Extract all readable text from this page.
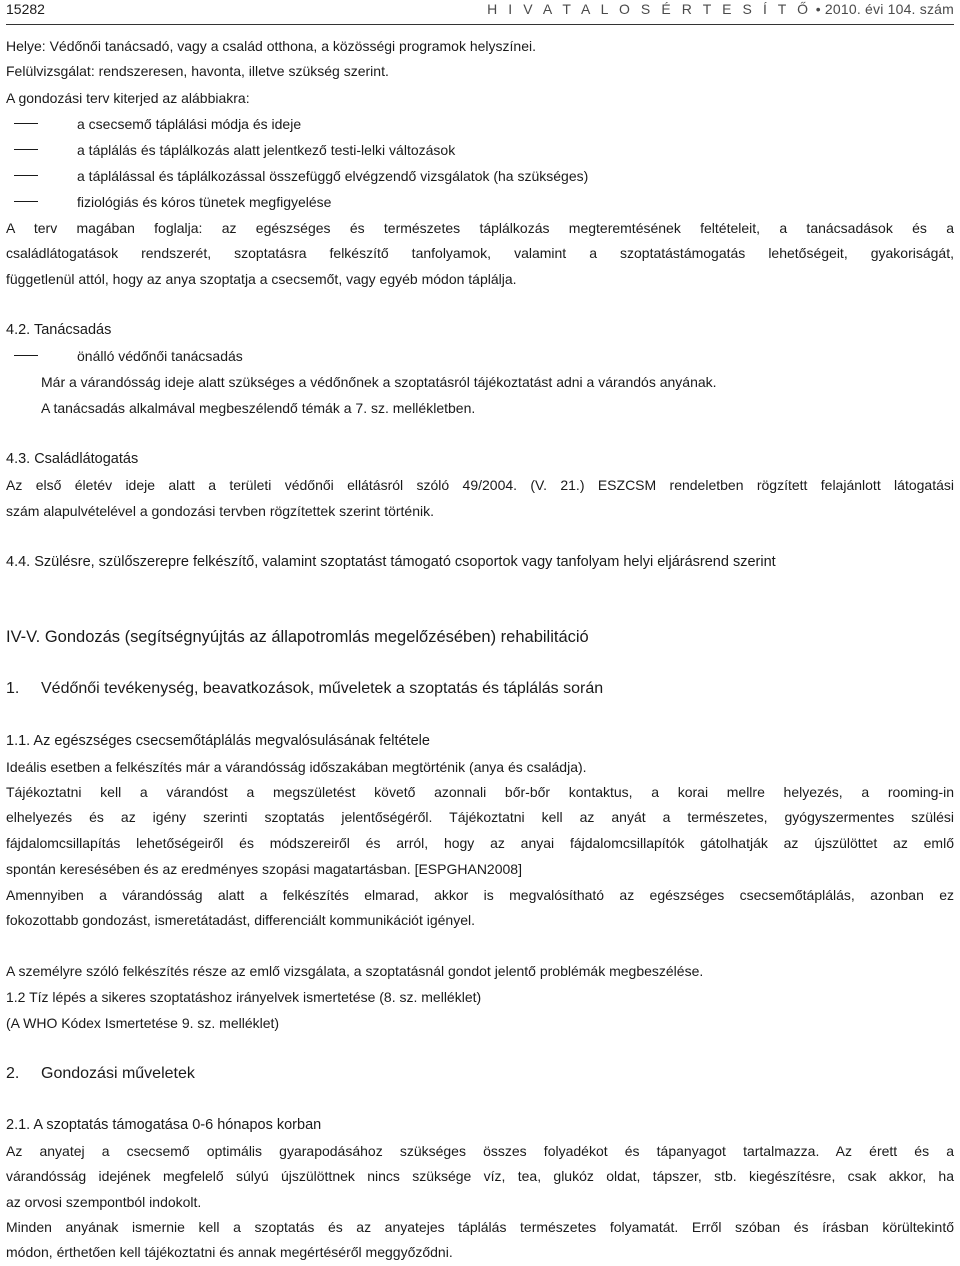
15282	H I V A T A L O S É R T E S Í T Ő • 2010. évi 104. szám
Helye: Védőnői tanácsadó, vagy a család otthona, a közösségi programok helyszínei.
Felülvizsgálat: rendszeresen, havonta, illetve szükség szerint.
A gondozási terv kiterjed az alábbiakra:
a csecsemő táplálási módja és ideje
a táplálás és táplálkozás alatt jelentkező testi-lelki változások
a táplálással és táplálkozással összefüggő elvégzendő vizsgálatok (ha szükséges)
fiziológiás és kóros tünetek megfigyelése
A terv magában foglalja: az egészséges és természetes táplálkozás megteremtésének feltételeit, a tanácsadások és a
családlátogatások rendszerét, szoptatásra felkészítő tanfolyamok, valamint a szoptatástámogatás lehetőségeit, gyakoriságát,
függetlenül attól, hogy az anya szoptatja a csecsemőt, vagy egyéb módon táplálja.
4.2. Tanácsadás
önálló védőnői tanácsadás
Már a várandósság ideje alatt szükséges a védőnőnek a szoptatásról tájékoztatást adni a várandós anyának.
A tanácsadás alkalmával megbeszélendő témák a 7. sz. mellékletben.
4.3. Családlátogatás
Az első életév ideje alatt a területi védőnői ellátásról szóló 49/2004. (V. 21.) ESZCSM rendeletben rögzített felajánlott látogatási
szám alapulvételével a gondozási tervben rögzítettek szerint történik.
4.4. Szülésre, szülőszerepre felkészítő, valamint szoptatást támogató csoportok vagy tanfolyam helyi eljárásrend szerint
IV-V. Gondozás (segítségnyújtás az állapotromlás megelőzésében) rehabilitáció
1. Védőnői tevékenység, beavatkozások, műveletek a szoptatás és táplálás során
1.1. Az egészséges csecsemőtáplálás megvalósulásának feltétele
Ideális esetben a felkészítés már a várandósság időszakában megtörténik (anya és családja).
Tájékoztatni kell a várandóst a megszületést követő azonnali bőr-bőr kontaktus, a korai mellre helyezés, a rooming-in
elhelyezés és az igény szerinti szoptatás jelentőségéről. Tájékoztatni kell az anyát a természetes, gyógyszermentes szülési
fájdalomcsillapítás lehetőségeiről és módszereiről és arról, hogy az anyai fájdalomcsillapítók gátolhatják az újszülöttet az emlő
spontán keresésében és az eredményes szopási magatartásban. [ESPGHAN2008]
Amennyiben a várandósság alatt a felkészítés elmarad, akkor is megvalósítható az egészséges csecsemőtáplálás, azonban ez
fokozottabb gondozást, ismeretátadást, differenciált kommunikációt igényel.
A személyre szóló felkészítés része az emlő vizsgálata, a szoptatásnál gondot jelentő problémák megbeszélése.
1.2 Tíz lépés a sikeres szoptatáshoz irányelvek ismertetése (8. sz. melléklet)
(A WHO Kódex Ismertetése 9. sz. melléklet)
2. Gondozási műveletek
2.1. A szoptatás támogatása 0-6 hónapos korban
Az anyatej a csecsemő optimális gyarapodásához szükséges összes folyadékot és tápanyagot tartalmazza. Az érett és a
várandósság idejének megfelelő súlyú újszülöttnek nincs szüksége víz, tea, glukóz oldat, tápszer, stb. kiegészítésre, csak akkor, ha
az orvosi szempontból indokolt.
Minden anyának ismernie kell a szoptatás és az anyatejes táplálás természetes folyamatát. Erről szóban és írásban körültekintő
módon, érthetően kell tájékoztatni és annak megértéséről meggyőződni.
